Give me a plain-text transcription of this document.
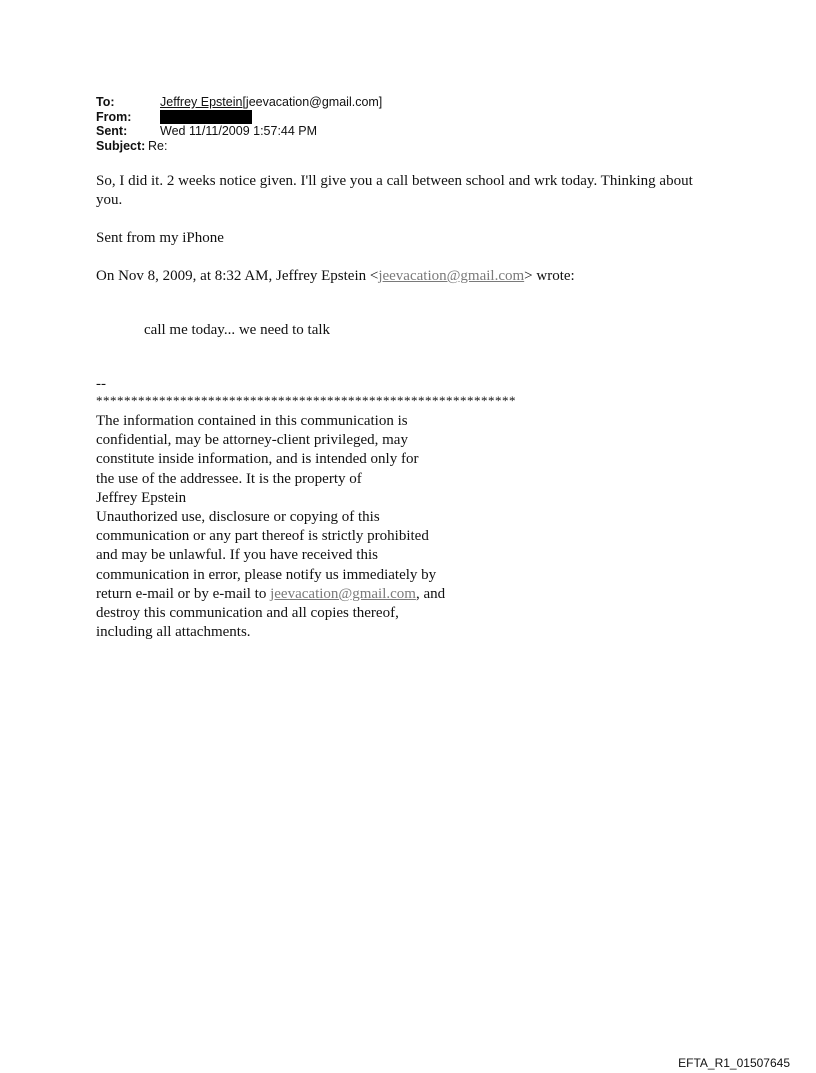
To:	Jeffrey Epstein[jeevacation@gmail.com]
From:
Sent:	Wed 11/11/2009 1:57:44 PM
Subject: Re:

So, I did it. 2 weeks notice given. I'll give you a call between school and wrk today. Thinking about you.

Sent from my iPhone

On Nov 8, 2009, at 8:32 AM, Jeffrey Epstein <jeevacation@gmail.com> wrote:

call me today... we need to talk

--
************************************************************
The information contained in this communication is
confidential, may be attorney-client privileged, may
constitute inside information, and is intended only for
the use of the addressee. It is the property of
Jeffrey Epstein
Unauthorized use, disclosure or copying of this
communication or any part thereof is strictly prohibited
and may be unlawful. If you have received this
communication in error, please notify us immediately by
return e-mail or by e-mail to jeevacation@gmail.com, and
destroy this communication and all copies thereof,
including all attachments.
EFTA_R1_01507645
